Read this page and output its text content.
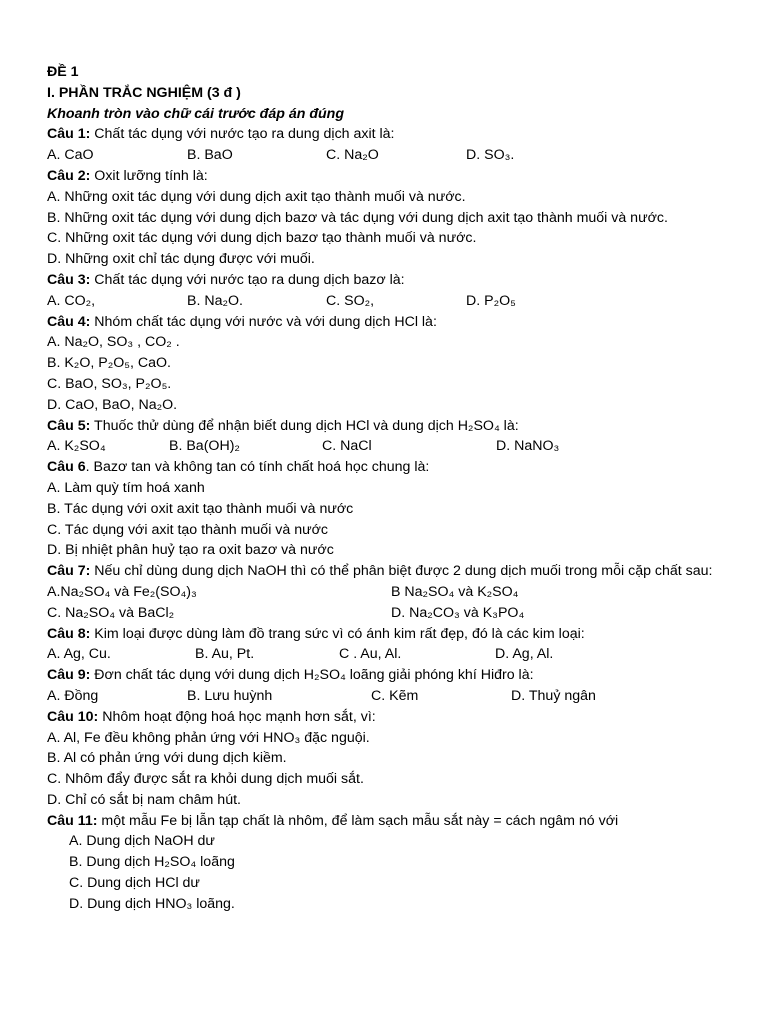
ĐỀ 1
I. PHẦN TRẮC NGHIỆM (3 đ )
Khoanh tròn vào chữ cái trước đáp án đúng
Câu 1: Chất tác dụng với nước tạo ra dung dịch axit là:
A. CaO	B. BaO	C. Na₂O	D. SO₃.
Câu 2: Oxit lưỡng tính là:
A. Những oxit tác dụng với dung dịch axit tạo thành muối và nước.
B. Những oxit tác dụng với dung dịch bazơ và tác dụng với dung dịch axit tạo thành muối và nước.
C. Những oxit tác dụng với dung dịch bazơ tạo thành muối và nước.
D. Những oxit chỉ tác dụng được với muối.
Câu 3: Chất tác dụng với nước tạo ra dung dịch bazơ là:
A. CO₂,	B. Na₂O.	C. SO₂,	D. P₂O₅
Câu 4: Nhóm chất tác dụng với nước và với dung dịch HCl là:
A. Na₂O, SO₃ , CO₂ .
B. K₂O, P₂O₅, CaO.
C. BaO, SO₃, P₂O₅.
D. CaO, BaO, Na₂O.
Câu 5: Thuốc thử dùng để nhận biết dung dịch HCl và dung dịch H₂SO₄ là:
A. K₂SO₄	B. Ba(OH)₂	C. NaCl	D. NaNO₃
Câu 6. Bazơ tan và không tan có tính chất hoá học chung là:
A. Làm quỳ tím hoá xanh
B. Tác dụng với oxit axit tạo thành muối và nước
C. Tác dụng với axit tạo thành muối và nước
D. Bị nhiệt phân huỷ tạo ra oxit bazơ và nước
Câu 7: Nếu chỉ dùng dung dịch NaOH thì có thể phân biệt được 2 dung dịch muối trong mỗi cặp chất sau:
A.Na₂SO₄ và Fe₂(SO₄)₃	B Na₂SO₄ và K₂SO₄
C. Na₂SO₄ và BaCl₂	D. Na₂CO₃ và K₃PO₄
Câu 8: Kim loại được dùng làm đồ trang sức vì có ánh kim rất đẹp, đó là các kim loại:
A. Ag, Cu.	B. Au, Pt.	C . Au, Al.	D. Ag, Al.
Câu 9: Đơn chất tác dụng với dung dịch H₂SO₄ loãng giải phóng khí Hiđro là:
A. Đồng	B. Lưu huỳnh	C. Kẽm	D. Thuỷ ngân
Câu 10: Nhôm hoạt động hoá học mạnh hơn sắt, vì:
A. Al, Fe đều không phản ứng với HNO₃ đặc nguội.
B. Al có phản ứng với dung dịch kiềm.
C. Nhôm đẩy được sắt ra khỏi dung dịch muối sắt.
D. Chỉ có sắt bị nam châm hút.
Câu 11: một mẫu Fe bị lẫn tạp chất là nhôm, để làm sạch mẫu sắt này = cách ngâm nó với
A. Dung dịch NaOH dư
B. Dung dịch H₂SO₄ loãng
C. Dung dịch HCl dư
D. Dung dịch HNO₃ loãng.
